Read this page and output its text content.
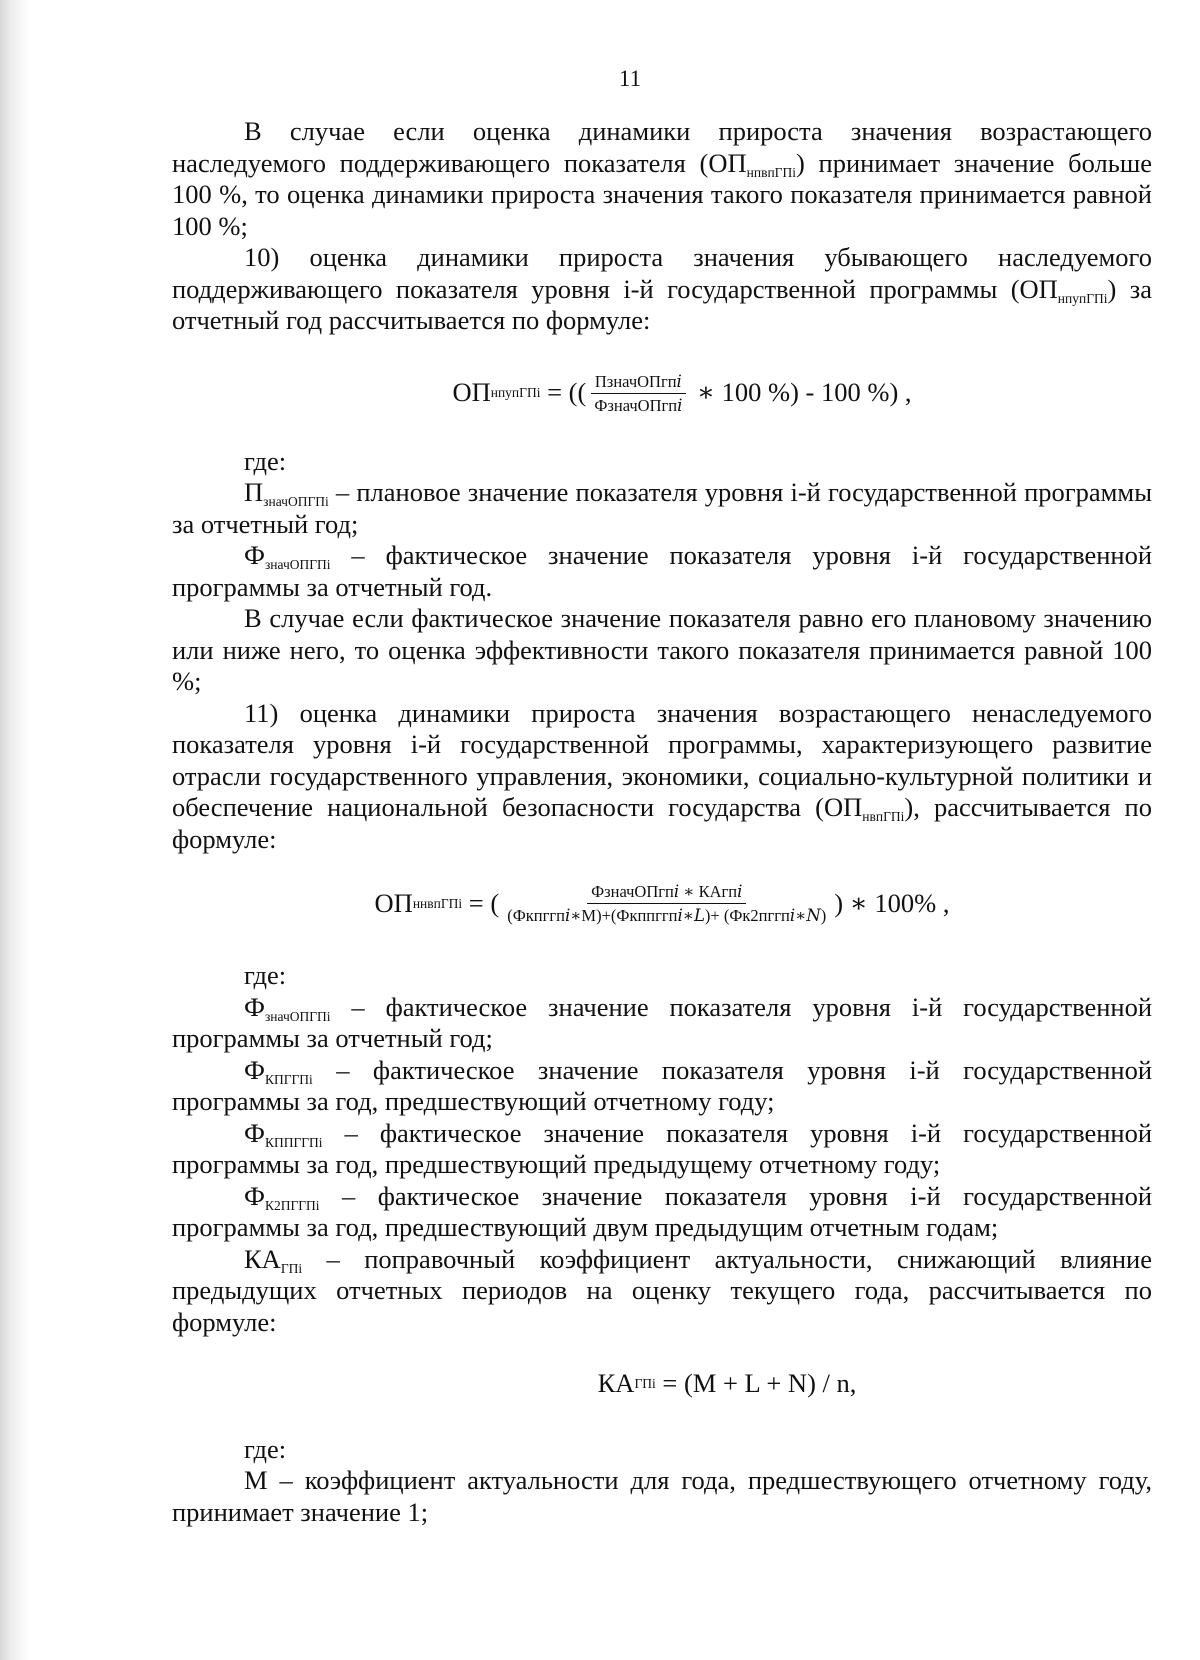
11

В случае если оценка динамики прироста значения возрастающего наследуемого поддерживающего показателя $(ОП_{нпвпГПi})$ принимает значение больше 100 %, то оценка динамики прироста значения такого показателя принимается равной 100 %;

10) оценка динамики прироста значения убывающего наследуемого поддерживающего показателя уровня i-й государственной программы $(ОП_{нпупГПi})$ за отчетный год рассчитывается по формуле:

ОП нпупГПi = (( $\frac{\text{ПзначОПгп𝑖}}{\text{ФзначОПгп𝑖}}$ ∗ 100 %) - 100 %) ,

где:

$П_{значОПГПi}$ – плановое значение показателя уровня i-й государственной программы за отчетный год;

$Ф_{значОПГПi}$ – фактическое значение показателя уровня i-й государственной программы за отчетный год.

В случае если фактическое значение показателя равно его плановому значению или ниже него, то оценка эффективности такого показателя принимается равной 100 %;

11) оценка динамики прироста значения возрастающего ненаследуемого показателя уровня i-й государственной программы, характеризующего развитие отрасли государственного управления, экономики, социально-культурной политики и обеспечение национальной безопасности государства $(ОП_{нвпГПi})$, рассчитывается по формуле:

ОП ннвпГПi = ( $\frac{\text{ФзначОПгп𝑖 ∗ КАгп𝑖}}{\text{(Фкпггп𝑖∗М)+(Фкппггп𝑖∗𝐿)+ (Фк2пггп𝑖∗𝑁)}}$ ) ∗ 100% ,

где:

$Ф_{значОПГПi}$ – фактическое значение показателя уровня i-й государственной программы за отчетный год;

$Ф_{КПГГПi}$ – фактическое значение показателя уровня i-й государственной программы за год, предшествующий отчетному году;

$Ф_{КППГГПi}$ – фактическое значение показателя уровня i-й государственной программы за год, предшествующий предыдущему отчетному году;

$Ф_{К2ПГГПi}$ – фактическое значение показателя уровня i-й государственной программы за год, предшествующий двум предыдущим отчетным годам;

$КА_{ГПi}$ – поправочный коэффициент актуальности, снижающий влияние предыдущих отчетных периодов на оценку текущего года, рассчитывается по формуле:

КА ГПi = (М + L + N) / n,

где:

М – коэффициент актуальности для года, предшествующего отчетному году, принимает значение 1;
